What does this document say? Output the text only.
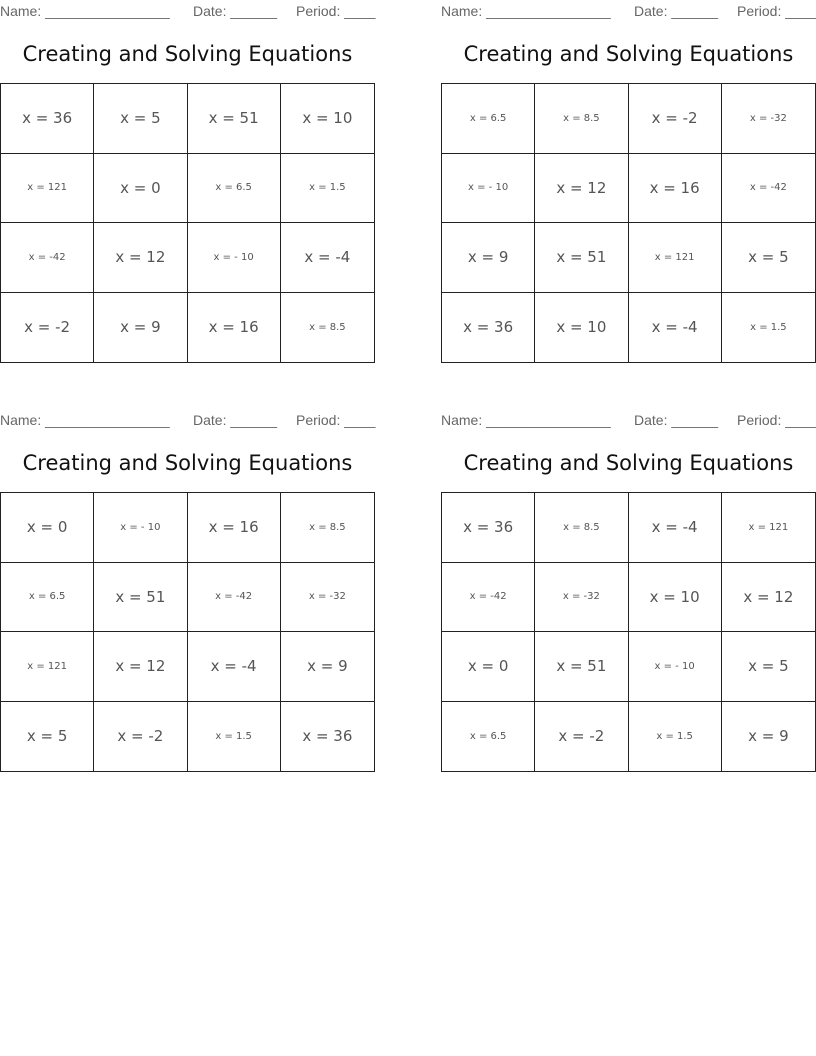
Name: ________________ Date: ______ Period: ____
Creating and Solving Equations
x = 36	x = 5	x = 51	x = 10
x = 121	x = 0	x = 6.5	x = 1.5
x = -42	x = 12	x = - 10	x = -4
x = -2	x = 9	x = 16	x = 8.5
Name: ________________ Date: ______ Period: ____
Creating and Solving Equations
x = 6.5	x = 8.5	x = -2	x = -32
x = - 10	x = 12	x = 16	x = -42
x = 9	x = 51	x = 121	x = 5
x = 36	x = 10	x = -4	x = 1.5
Name: ________________ Date: ______ Period: ____
Creating and Solving Equations
x = 0	x = - 10	x = 16	x = 8.5
x = 6.5	x = 51	x = -42	x = -32
x = 121	x = 12	x = -4	x = 9
x = 5	x = -2	x = 1.5	x = 36
Name: ________________ Date: ______ Period: ____
Creating and Solving Equations
x = 36	x = 8.5	x = -4	x = 121
x = -42	x = -32	x = 10	x = 12
x = 0	x = 51	x = - 10	x = 5
x = 6.5	x = -2	x = 1.5	x = 9
